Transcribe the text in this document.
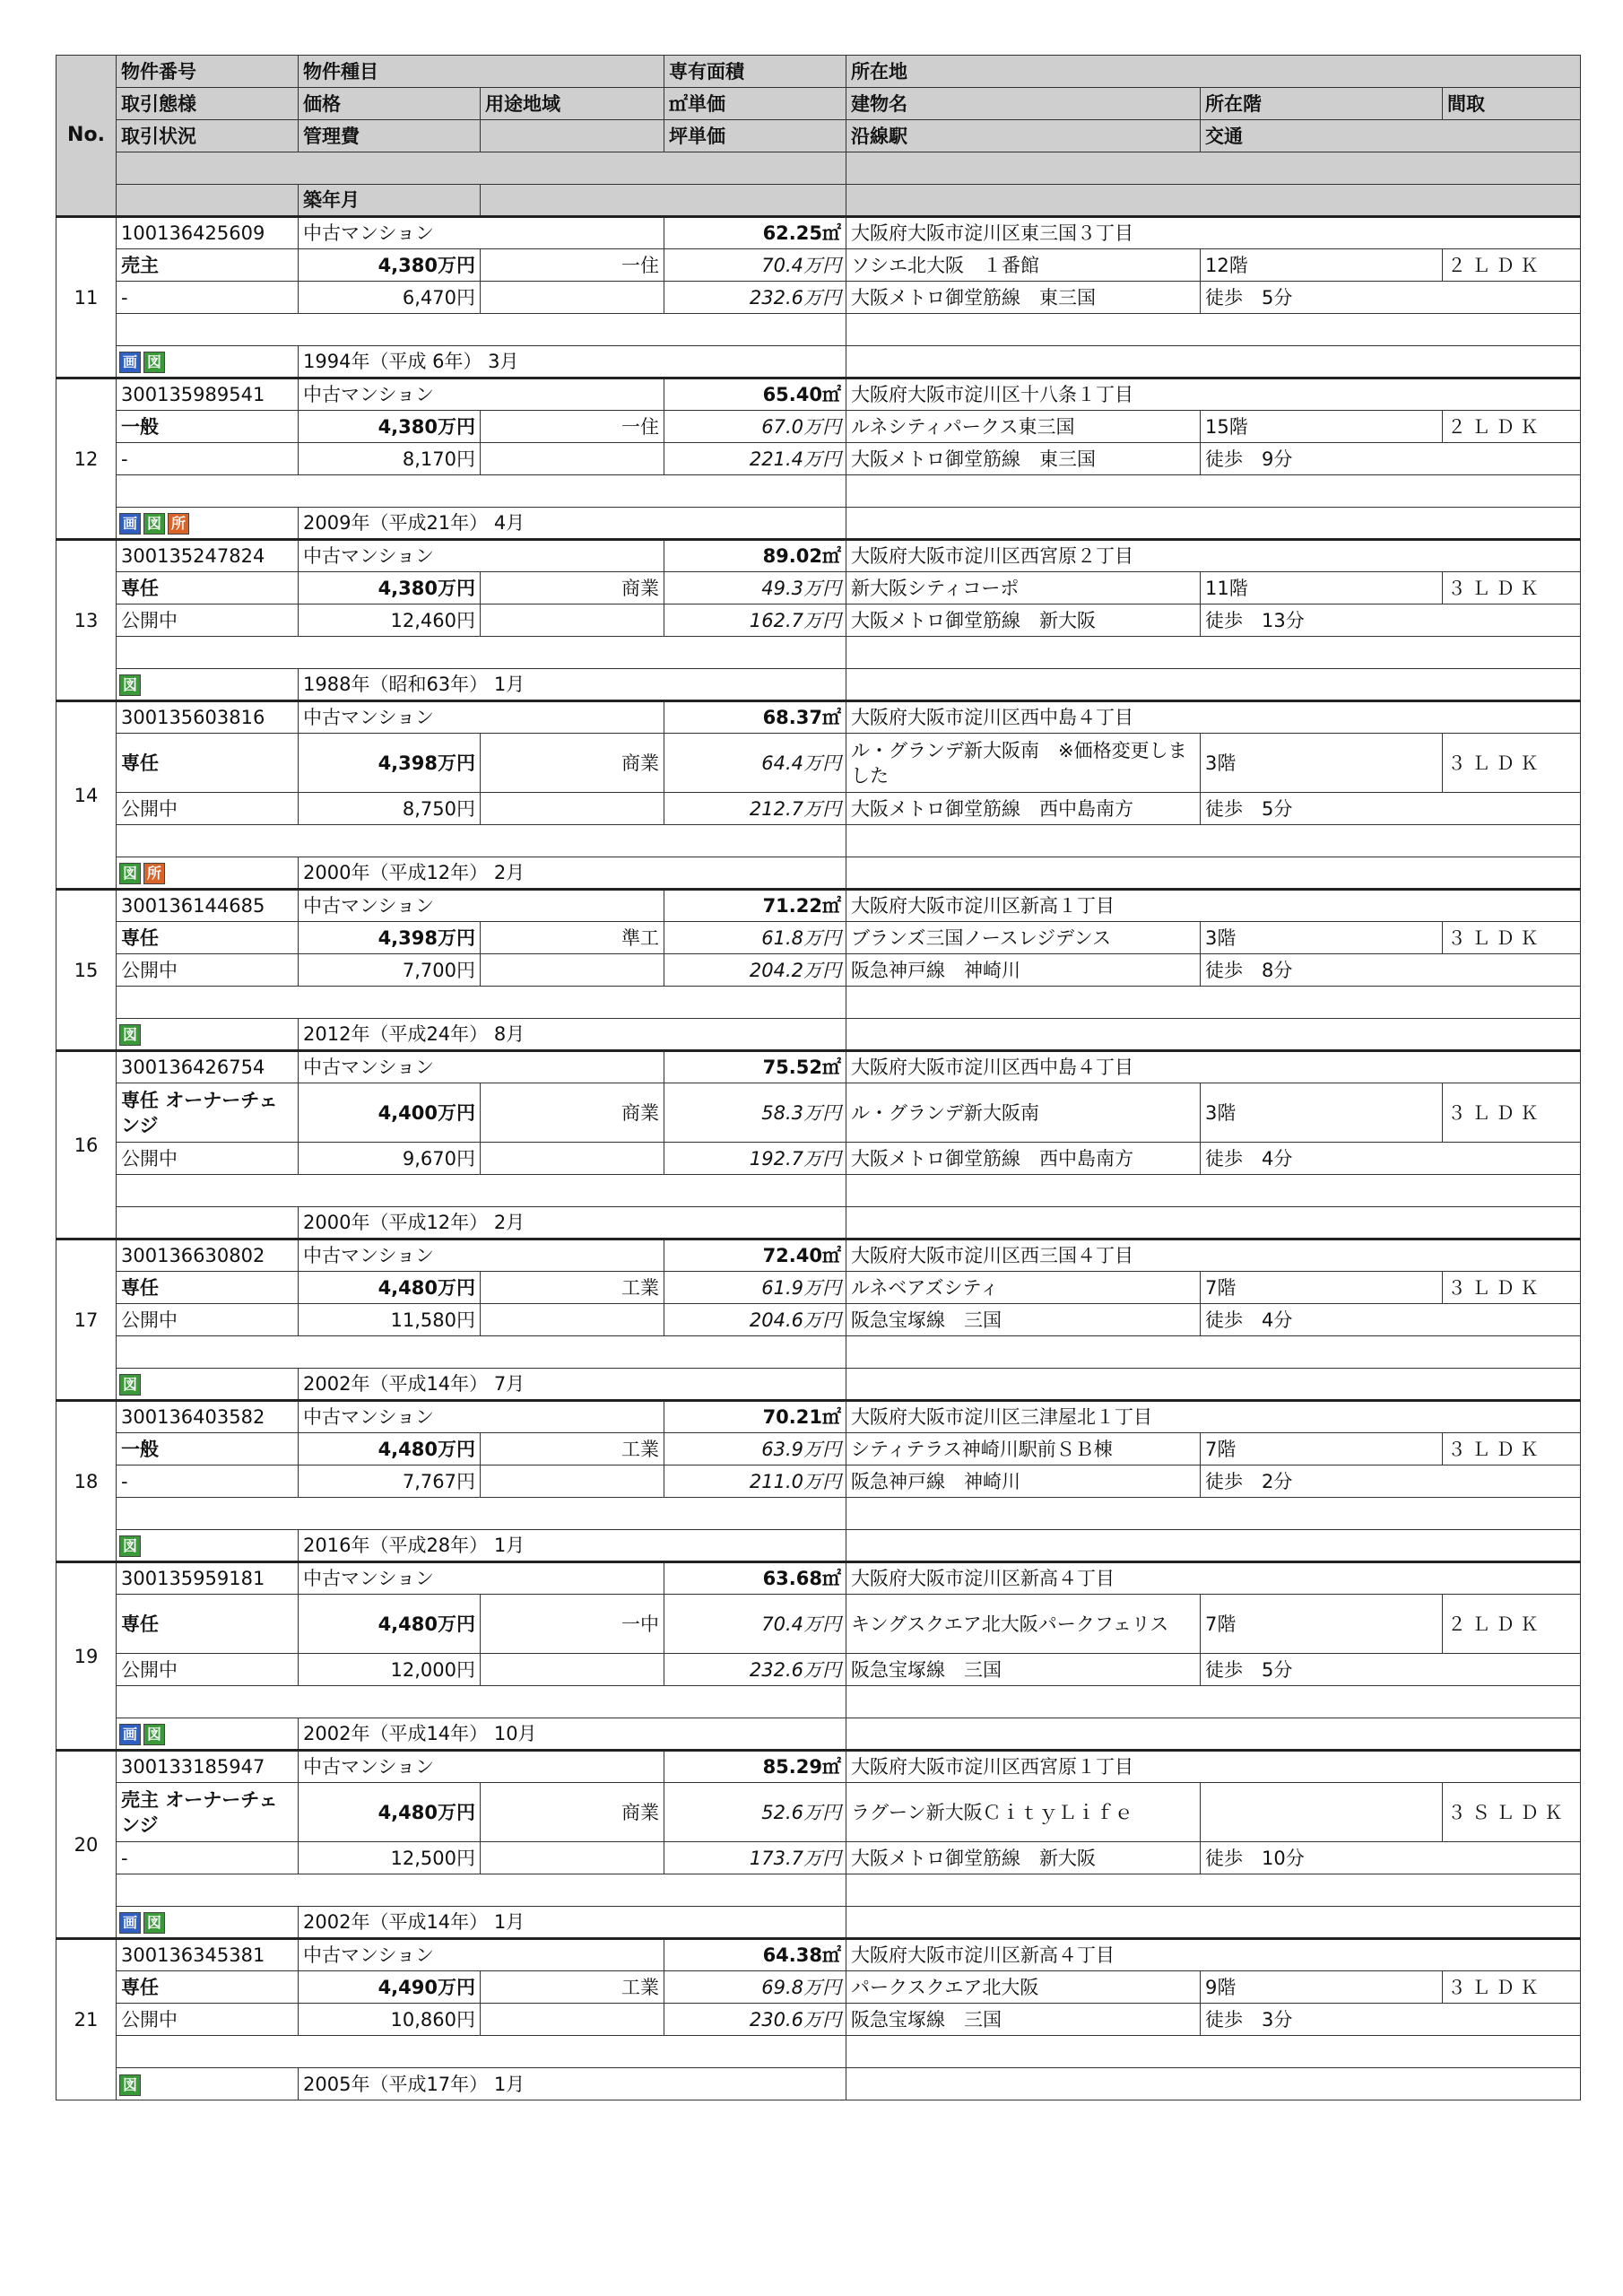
No.	物件番号	物件種目		専有面積	所在地		
	取引態様	価格	用途地域	㎡単価	建物名	所在階	間取
	取引状況	管理費		坪単価	沿線駅	交通	

		築年月					
11	100136425609	中古マンション		62.25㎡	大阪府大阪市淀川区東三国３丁目		
	売主	4,380万円	一住	70.4万円	ソシエ北大阪　１番館	12階	２ＬＤＫ
	-	6,470円		232.6万円	大阪メトロ御堂筋線　東三国	徒歩　5分	

	画 図	1994年（平成 6年） 3月					
12	300135989541	中古マンション		65.40㎡	大阪府大阪市淀川区十八条１丁目		
	一般	4,380万円	一住	67.0万円	ルネシティパークス東三国	15階	２ＬＤＫ
	-	8,170円		221.4万円	大阪メトロ御堂筋線　東三国	徒歩　9分	

	画 図 所	2009年（平成21年） 4月					
13	300135247824	中古マンション		89.02㎡	大阪府大阪市淀川区西宮原２丁目		
	専任	4,380万円	商業	49.3万円	新大阪シティコーポ	11階	３ＬＤＫ
	公開中	12,460円		162.7万円	大阪メトロ御堂筋線　新大阪	徒歩　13分	

	図	1988年（昭和63年） 1月					
14	300135603816	中古マンション		68.37㎡	大阪府大阪市淀川区西中島４丁目		
	専任	4,398万円	商業	64.4万円	ル・グランデ新大阪南　※価格変更しました	3階	３ＬＤＫ
	公開中	8,750円		212.7万円	大阪メトロ御堂筋線　西中島南方	徒歩　5分	

	図 所	2000年（平成12年） 2月					
15	300136144685	中古マンション		71.22㎡	大阪府大阪市淀川区新高１丁目		
	専任	4,398万円	準工	61.8万円	ブランズ三国ノースレジデンス	3階	３ＬＤＫ
	公開中	7,700円		204.2万円	阪急神戸線　神崎川	徒歩　8分	

	図	2012年（平成24年） 8月					
16	300136426754	中古マンション		75.52㎡	大阪府大阪市淀川区西中島４丁目		
	専任 オーナーチェンジ	4,400万円	商業	58.3万円	ル・グランデ新大阪南	3階	３ＬＤＫ
	公開中	9,670円		192.7万円	大阪メトロ御堂筋線　西中島南方	徒歩　4分	

		2000年（平成12年） 2月					
17	300136630802	中古マンション		72.40㎡	大阪府大阪市淀川区西三国４丁目		
	専任	4,480万円	工業	61.9万円	ルネベアズシティ	7階	３ＬＤＫ
	公開中	11,580円		204.6万円	阪急宝塚線　三国	徒歩　4分	

	図	2002年（平成14年） 7月					
18	300136403582	中古マンション		70.21㎡	大阪府大阪市淀川区三津屋北１丁目		
	一般	4,480万円	工業	63.9万円	シティテラス神崎川駅前ＳＢ棟	7階	３ＬＤＫ
	-	7,767円		211.0万円	阪急神戸線　神崎川	徒歩　2分	

	図	2016年（平成28年） 1月					
19	300135959181	中古マンション		63.68㎡	大阪府大阪市淀川区新高４丁目		
	専任	4,480万円	一中	70.4万円	キングスクエア北大阪パークフェリス	7階	２ＬＤＫ
	公開中	12,000円		232.6万円	阪急宝塚線　三国	徒歩　5分	

	画 図	2002年（平成14年） 10月					
20	300133185947	中古マンション		85.29㎡	大阪府大阪市淀川区西宮原１丁目		
	売主 オーナーチェンジ	4,480万円	商業	52.6万円	ラグーン新大阪ＣｉｔｙＬｉｆｅ		３ＳＬＤＫ
	-	12,500円		173.7万円	大阪メトロ御堂筋線　新大阪	徒歩　10分	

	画 図	2002年（平成14年） 1月					
21	300136345381	中古マンション		64.38㎡	大阪府大阪市淀川区新高４丁目		
	専任	4,490万円	工業	69.8万円	パークスクエア北大阪	9階	３ＬＤＫ
	公開中	10,860円		230.6万円	阪急宝塚線　三国	徒歩　3分	

	図	2005年（平成17年） 1月					
